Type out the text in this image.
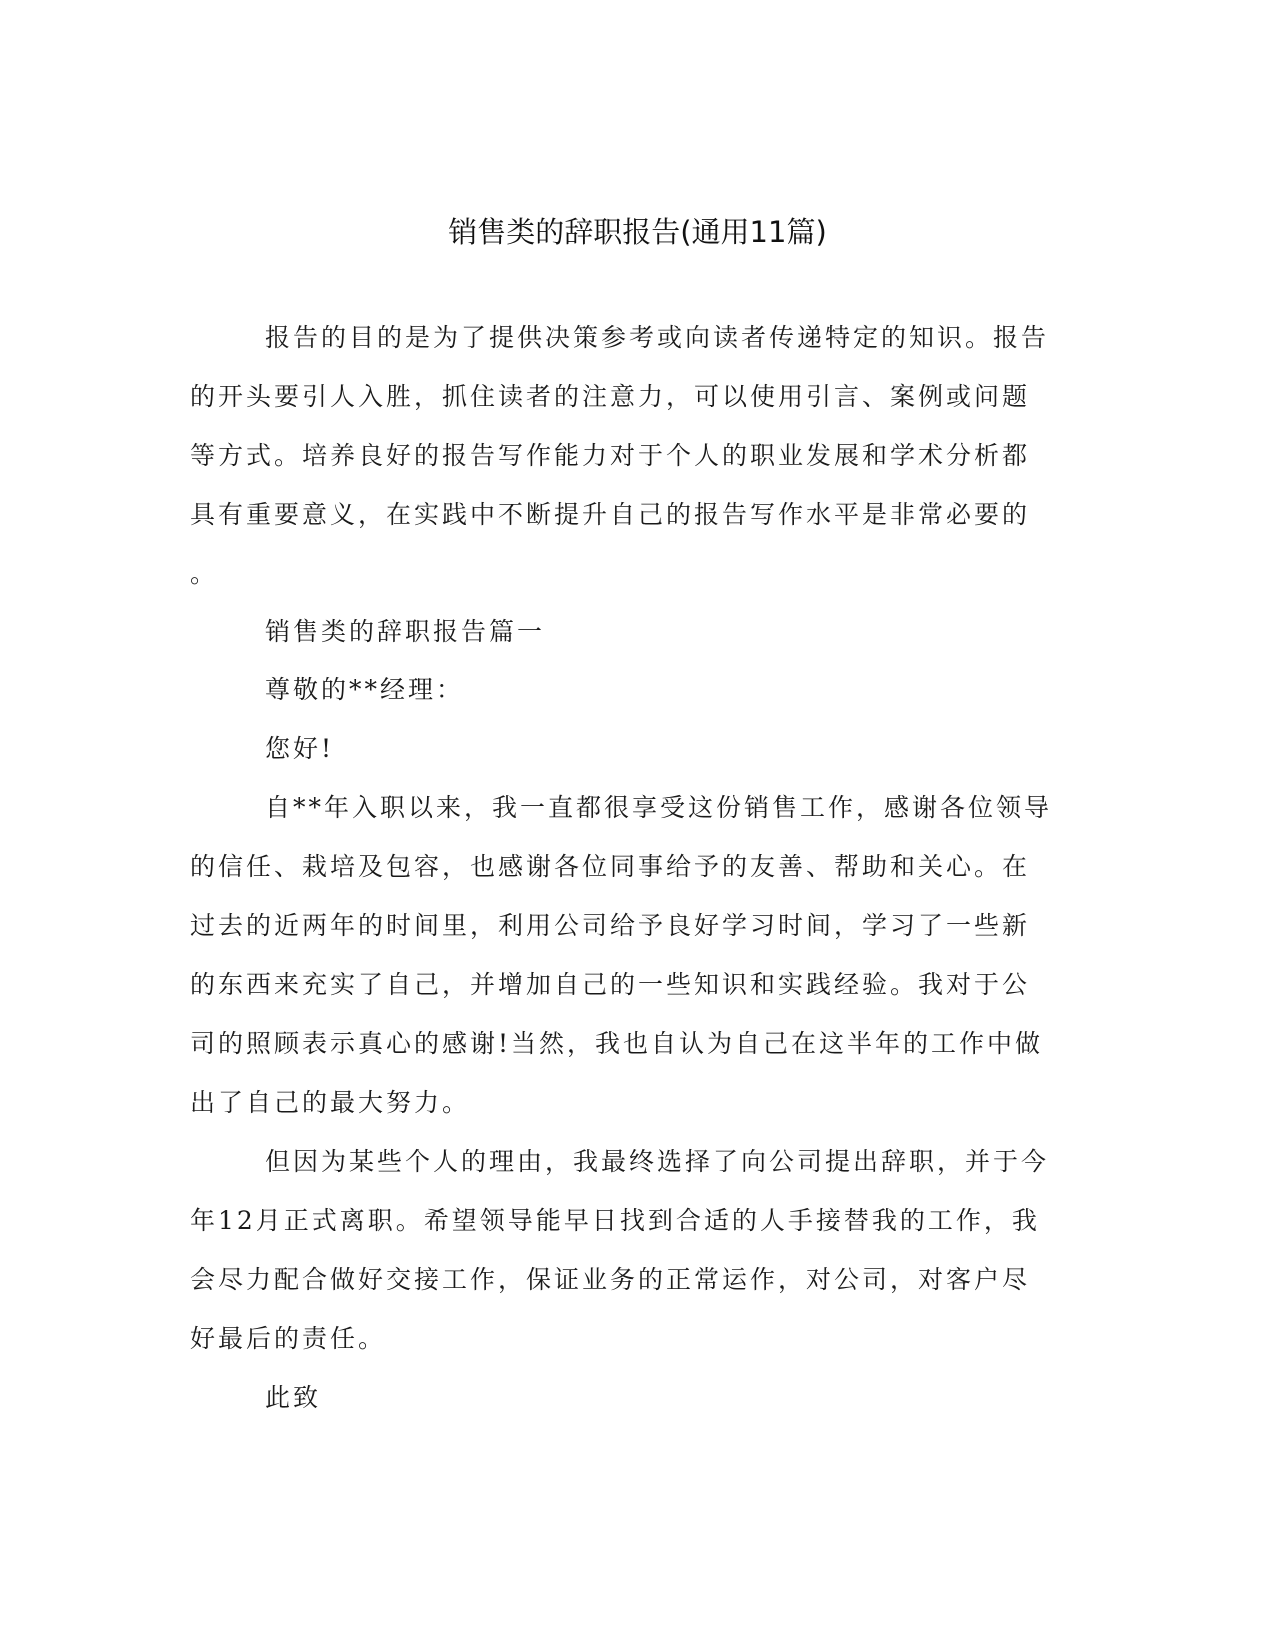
销售类的辞职报告(通用11篇)
报告的目的是为了提供决策参考或向读者传递特定的知识。报告
的开头要引人入胜，抓住读者的注意力，可以使用引言、案例或问题
等方式。培养良好的报告写作能力对于个人的职业发展和学术分析都
具有重要意义，在实践中不断提升自己的报告写作水平是非常必要的
。
销售类的辞职报告篇一
尊敬的**经理：
您好!
自**年入职以来，我一直都很享受这份销售工作，感谢各位领导
的信任、栽培及包容，也感谢各位同事给予的友善、帮助和关心。在
过去的近两年的时间里，利用公司给予良好学习时间，学习了一些新
的东西来充实了自己，并增加自己的一些知识和实践经验。我对于公
司的照顾表示真心的感谢!当然，我也自认为自己在这半年的工作中做
出了自己的最大努力。
但因为某些个人的理由，我最终选择了向公司提出辞职，并于今
年12月正式离职。希望领导能早日找到合适的人手接替我的工作，我
会尽力配合做好交接工作，保证业务的正常运作，对公司，对客户尽
好最后的责任。
此致
